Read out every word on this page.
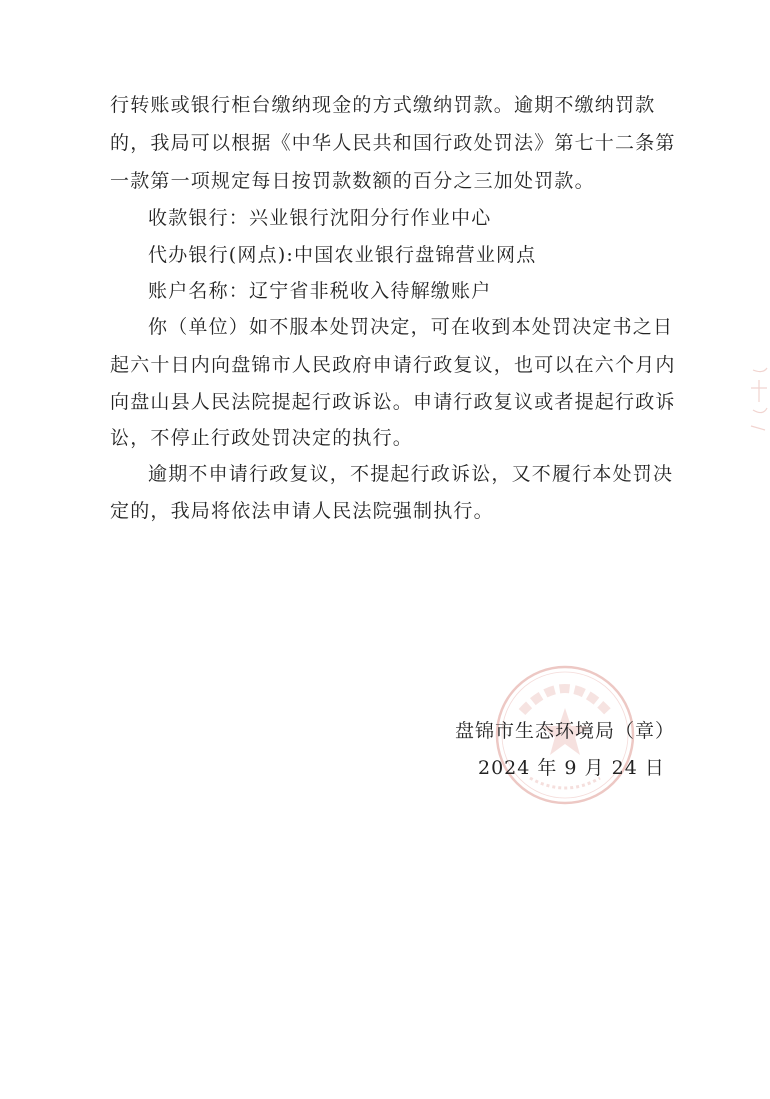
行转账或银行柜台缴纳现金的方式缴纳罚款。逾期不缴纳罚款
的，我局可以根据《中华人民共和国行政处罚法》第七十二条第
一款第一项规定每日按罚款数额的百分之三加处罚款。
收款银行：兴业银行沈阳分行作业中心
代办银行(网点):中国农业银行盘锦营业网点
账户名称：辽宁省非税收入待解缴账户
你（单位）如不服本处罚决定，可在收到本处罚决定书之日
起六十日内向盘锦市人民政府申请行政复议，也可以在六个月内
向盘山县人民法院提起行政诉讼。申请行政复议或者提起行政诉
讼，不停止行政处罚决定的执行。
逾期不申请行政复议，不提起行政诉讼，又不履行本处罚决
定的，我局将依法申请人民法院强制执行。
盘锦市生态环境局（章）
2024 年 9 月 24 日
